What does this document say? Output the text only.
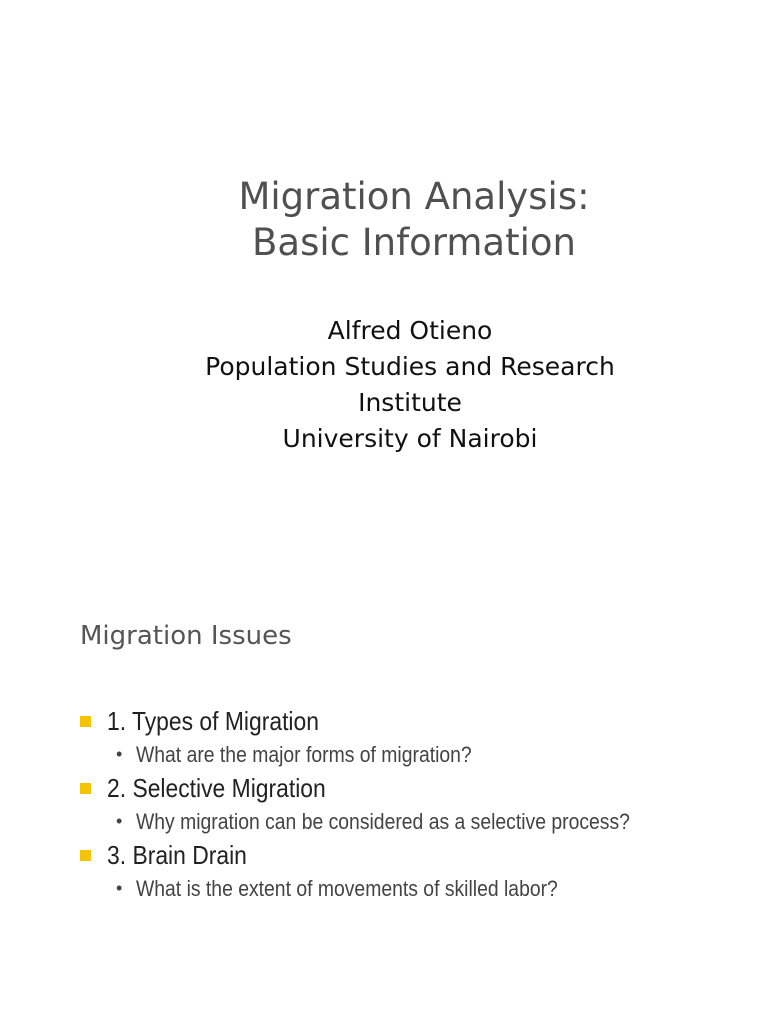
Migration Analysis:
Basic Information
Alfred Otieno
Population Studies and Research
Institute
University of Nairobi
Migration Issues
1. Types of Migration
• What are the major forms of migration?
2. Selective Migration
• Why migration can be considered as a selective process?
3. Brain Drain
• What is the extent of movements of skilled labor?
